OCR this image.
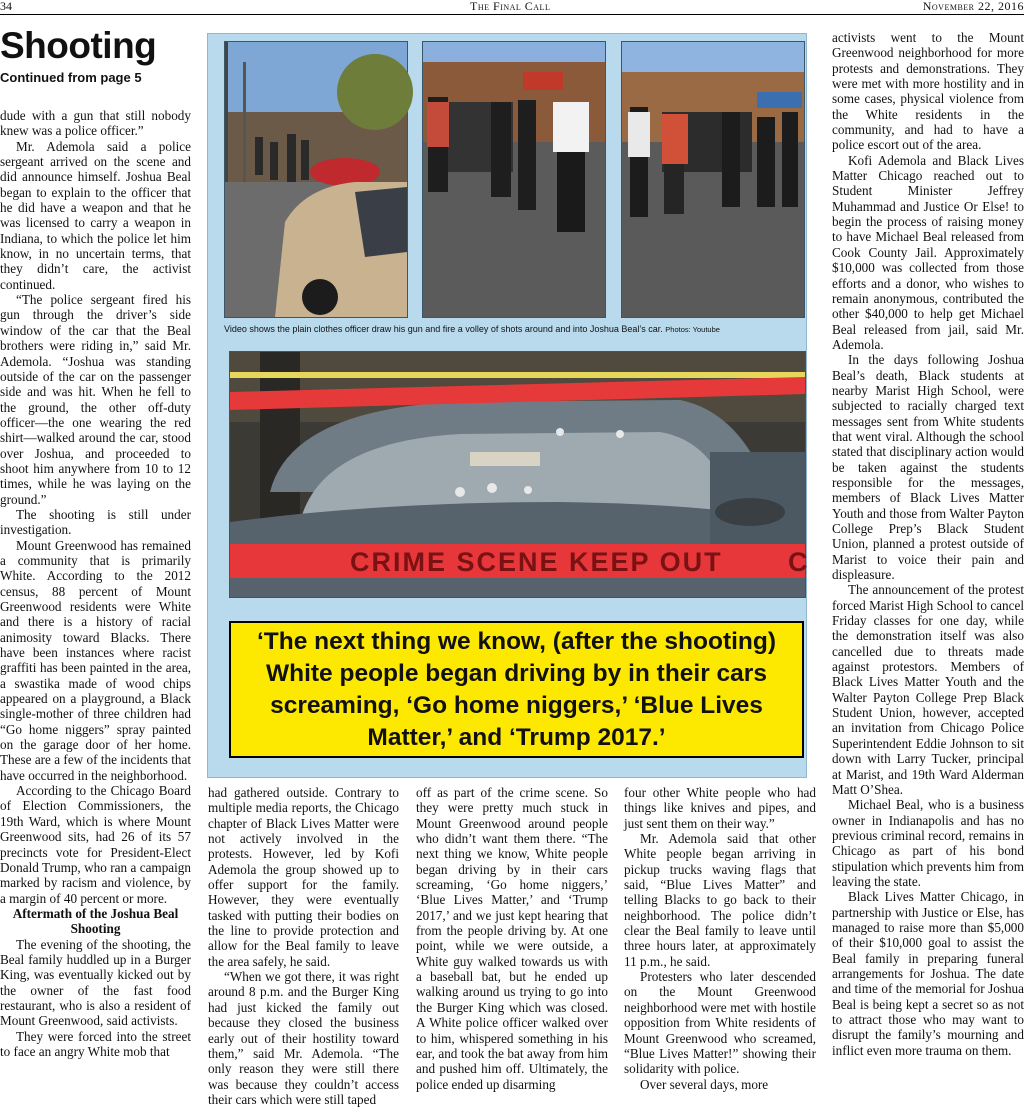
34	The Final Call	November 22, 2016
Shooting
Continued from page 5

dude with a gun that still nobody knew was a police officer.”

Mr. Ademola said a police sergeant arrived on the scene and did announce himself. Joshua Beal began to explain to the officer that he did have a weapon and that he was licensed to carry a weapon in Indiana, to which the police let him know, in no uncertain terms, that they didn’t care, the activist continued.

“The police sergeant fired his gun through the driver’s side window of the car that the Beal brothers were riding in,” said Mr. Ademola. “Joshua was standing outside of the car on the passenger side and was hit. When he fell to the ground, the other off-duty officer—the one wearing the red shirt—walked around the car, stood over Joshua, and proceeded to shoot him anywhere from 10 to 12 times, while he was laying on the ground.”

The shooting is still under investigation.

Mount Greenwood has remained a community that is primarily White. According to the 2012 census, 88 percent of Mount Greenwood residents were White and there is a history of racial animosity toward Blacks. There have been instances where racist graffiti has been painted in the area, a swastika made of wood chips appeared on a playground, a Black single-mother of three children had “Go home niggers” spray painted on the garage door of her home. These are a few of the incidents that have occurred in the neighborhood.

According to the Chicago Board of Election Commissioners, the 19th Ward, which is where Mount Greenwood sits, had 26 of its 57 precincts vote for President-Elect Donald Trump, who ran a campaign marked by racism and violence, by a margin of 40 percent or more.

Aftermath of the Joshua Beal Shooting

The evening of the shooting, the Beal family huddled up in a Burger King, was eventually kicked out by the owner of the fast food restaurant, who is also a resident of Mount Greenwood, said activists.

They were forced into the street to face an angry White mob that

had gathered outside. Contrary to multiple media reports, the Chicago chapter of Black Lives Matter were not actively involved in the protests. However, led by Kofi Ademola the group showed up to offer support for the family. However, they were eventually tasked with putting their bodies on the line to provide protection and allow for the Beal family to leave the area safely, he said.

“When we got there, it was right around 8 p.m. and the Burger King had just kicked the family out because they closed the business early out of their hostility toward them,” said Mr. Ademola. “The only reason they were still there was because they couldn’t access their cars which were still taped

off as part of the crime scene. So they were pretty much stuck in Mount Greenwood around people who didn’t want them there. “The next thing we know, White people began driving by in their cars screaming, ‘Go home niggers,’ ‘Blue Lives Matter,’ and ‘Trump 2017,’ and we just kept hearing that from the people driving by. At one point, while we were outside, a White guy walked towards us with a baseball bat, but he ended up walking around us trying to go into the Burger King which was closed. A White police officer walked over to him, whispered something in his ear, and took the bat away from him and pushed him off. Ultimately, the police ended up disarming

four other White people who had things like knives and pipes, and just sent them on their way.”

Mr. Ademola said that other White people began arriving in pickup trucks waving flags that said, “Blue Lives Matter” and telling Blacks to go back to their neighborhood. The police didn’t clear the Beal family to leave until three hours later, at approximately 11 p.m., he said.

Protesters who later descended on the Mount Greenwood neighborhood were met with hostile opposition from White residents of Mount Greenwood who screamed, “Blue Lives Matter!” showing their solidarity with police.

Over several days, more

activists went to the Mount Greenwood neighborhood for more protests and demonstrations. They were met with more hostility and in some cases, physical violence from the White residents in the community, and had to have a police escort out of the area.

Kofi Ademola and Black Lives Matter Chicago reached out to Student Minister Jeffrey Muhammad and Justice Or Else! to begin the process of raising money to have Michael Beal released from Cook County Jail. Approximately $10,000 was collected from those efforts and a donor, who wishes to remain anonymous, contributed the other $40,000 to help get Michael Beal released from jail, said Mr. Ademola.

In the days following Joshua Beal’s death, Black students at nearby Marist High School, were subjected to racially charged text messages sent from White students that went viral. Although the school stated that disciplinary action would be taken against the students responsible for the messages, members of Black Lives Matter Youth and those from Walter Payton College Prep’s Black Student Union, planned a protest outside of Marist to voice their pain and displeasure.

The announcement of the protest forced Marist High School to cancel Friday classes for one day, while the demonstration itself was also cancelled due to threats made against protestors. Members of Black Lives Matter Youth and the Walter Payton College Prep Black Student Union, however, accepted an invitation from Chicago Police Superintendent Eddie Johnson to sit down with Larry Tucker, principal at Marist, and 19th Ward Alderman Matt O’Shea.

Michael Beal, who is a business owner in Indianapolis and has no previous criminal record, remains in Chicago as part of his bond stipulation which prevents him from leaving the state.

Black Lives Matter Chicago, in partnership with Justice or Else, has managed to raise more than $5,000 of their $10,000 goal to assist the Beal family in preparing funeral arrangements for Joshua. The date and time of the memorial for Joshua Beal is being kept a secret so as not to attract those who may want to disrupt the family’s mourning and inflict even more trauma on them.

Video shows the plain clothes officer draw his gun and fire a volley of shots around and into Joshua Beal’s car. Photos: Youtube
CRIME SCENE KEEP OUT C
‘The next thing we know, (after the shooting) White people began driving by in their cars screaming, ‘Go home niggers,’ ‘Blue Lives Matter,’ and ‘Trump 2017.’
